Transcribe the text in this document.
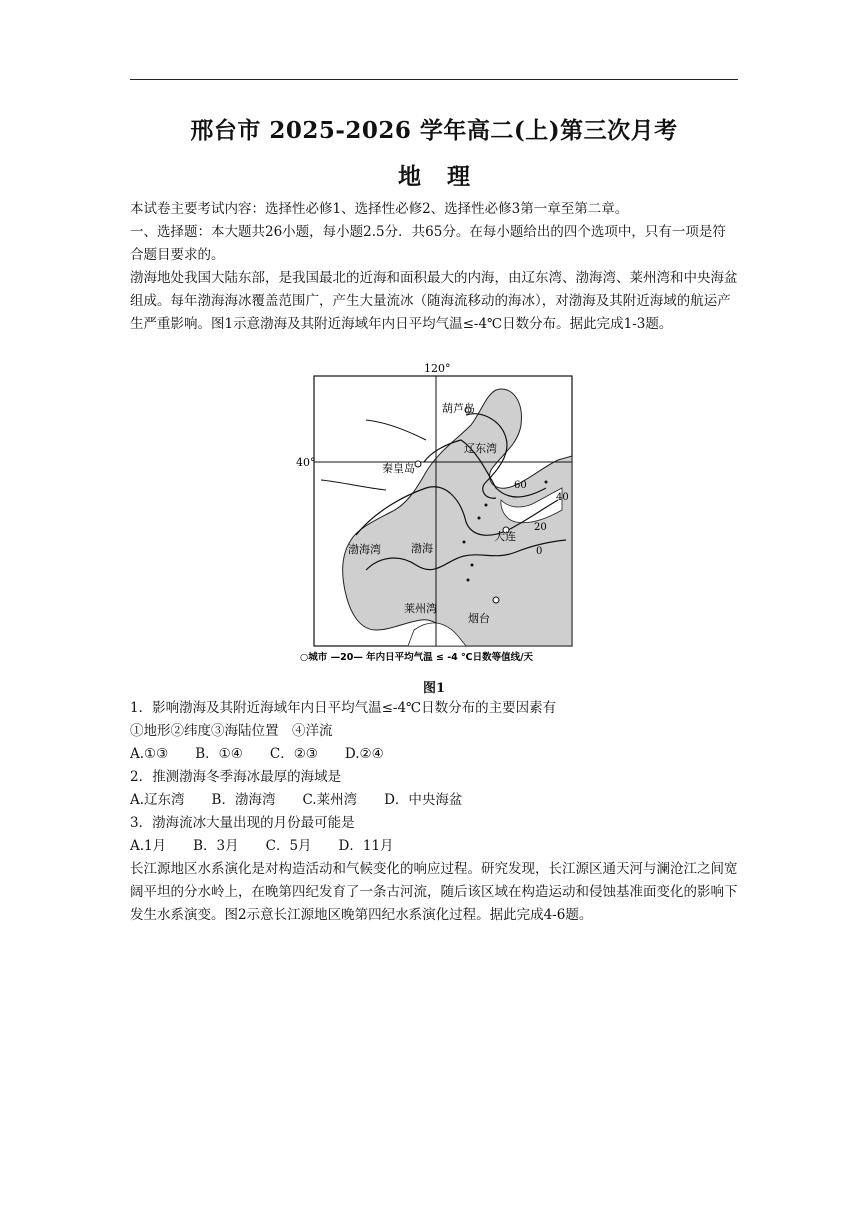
邢台市 2025-2026 学年高二(上)第三次月考
地理

本试卷主要考试内容：选择性必修1、选择性必修2、选择性必修3第一章至第二章。

一、选择题：本大题共26小题，每小题2.5分．共65分。在每小题给出的四个选项中，只有一项是符合题目要求的。

渤海地处我国大陆东部，是我国最北的近海和面积最大的内海，由辽东湾、渤海湾、莱州湾和中央海盆组成。每年渤海海冰覆盖范围广，产生大量流冰（随海流移动的海冰），对渤海及其附近海域的航运产生严重影响。图1示意渤海及其附近海域年内日平均气温≤-4℃日数分布。据此完成1-3题。

120°
40°
葫芦岛
辽东湾
秦皇岛
渤海湾	渤海
大连
莱州湾
烟台
60
40
20
0
○城市 —20— 年内日平均气温 ≤ -4 ℃日数等值线/天
图1

1．影响渤海及其附近海域年内日平均气温≤-4℃日数分布的主要因素有

①地形②纬度③海陆位置　④洋流

A.①③　　B．①④　　C．②③　　D.②④

2．推测渤海冬季海冰最厚的海域是

A.辽东湾　　B．渤海湾　　C.莱州湾　　D．中央海盆

3．渤海流冰大量出现的月份最可能是

A.1月　　B．3月　　C．5月　　D．11月

长江源地区水系演化是对构造活动和气候变化的响应过程。研究发现，长江源区通天河与澜沧江之间宽阔平坦的分水岭上，在晚第四纪发育了一条古河流，随后该区域在构造运动和侵蚀基准面变化的影响下发生水系演变。图2示意长江源地区晚第四纪水系演化过程。据此完成4-6题。
